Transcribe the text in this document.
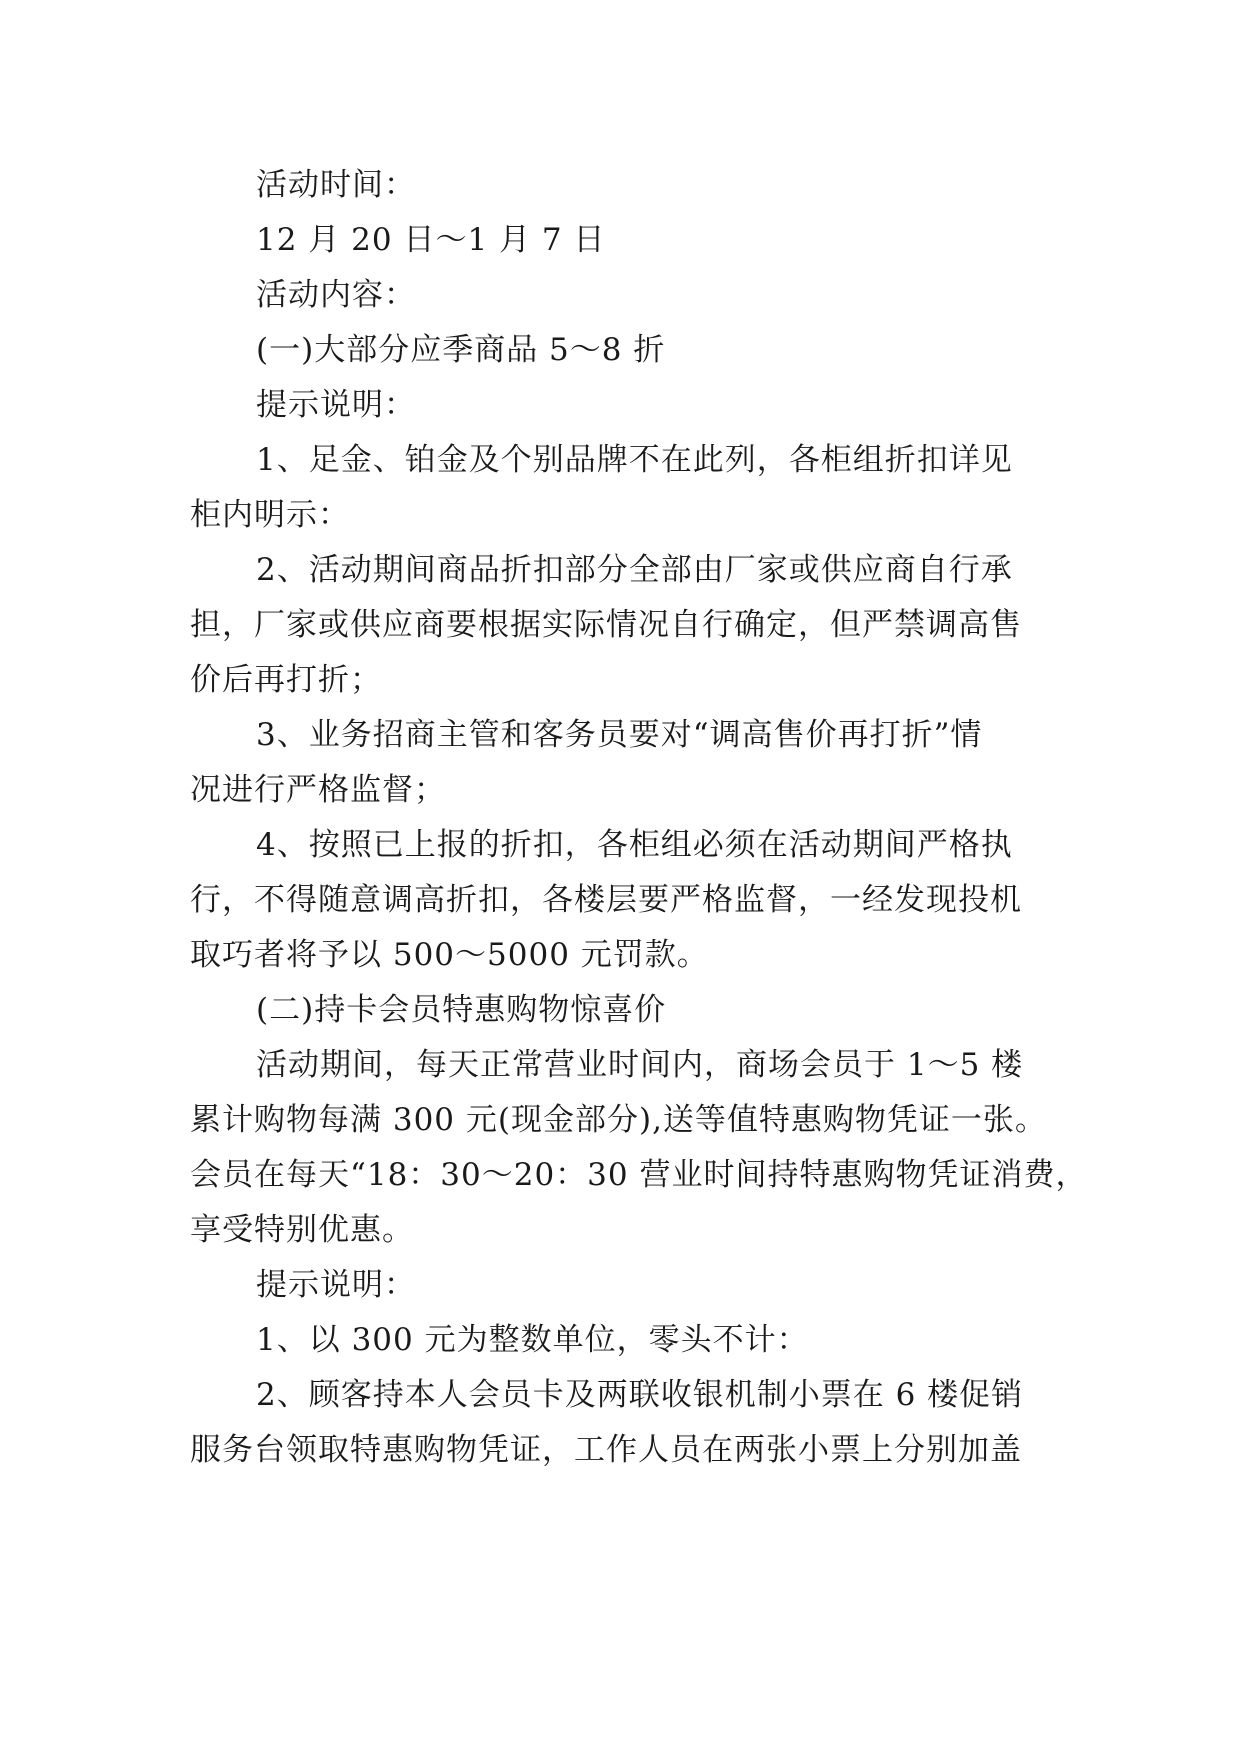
活动时间：
12 月 20 日～1 月 7 日
活动内容：
(一)大部分应季商品 5～8 折
提示说明：
1、足金、铂金及个别品牌不在此列，各柜组折扣详见
柜内明示：
2、活动期间商品折扣部分全部由厂家或供应商自行承
担，厂家或供应商要根据实际情况自行确定，但严禁调高售
价后再打折；
3、业务招商主管和客务员要对“调高售价再打折”情
况进行严格监督；
4、按照已上报的折扣，各柜组必须在活动期间严格执
行，不得随意调高折扣，各楼层要严格监督，一经发现投机
取巧者将予以 500～5000 元罚款。
(二)持卡会员特惠购物惊喜价
活动期间，每天正常营业时间内，商场会员于 1～5 楼
累计购物每满 300 元(现金部分),送等值特惠购物凭证一张。
会员在每天“18：30～20：30 营业时间持特惠购物凭证消费，
享受特别优惠。
提示说明：
1、以 300 元为整数单位，零头不计：
2、顾客持本人会员卡及两联收银机制小票在 6 楼促销
服务台领取特惠购物凭证，工作人员在两张小票上分别加盖
